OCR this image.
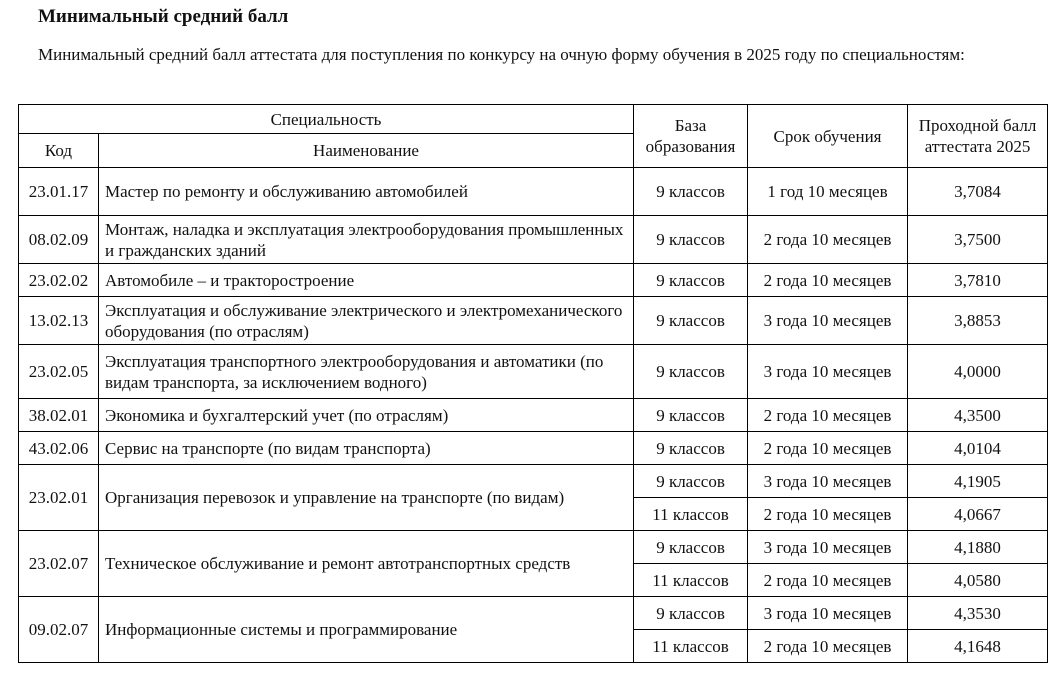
Минимальный средний балл

Минимальный средний балл аттестата для поступления по конкурсу на очную форму обучения в 2025 году по специальностям:

Специальность		База образования	Срок обучения	Проходной балл аттестата 2025
Код	Наименование			
23.01.17	Мастер по ремонту и обслуживанию автомобилей	9 классов	1 год 10 месяцев	3,7084
08.02.09	Монтаж, наладка и эксплуатация электрооборудования промышленных и гражданских зданий	9 классов	2 года 10 месяцев	3,7500
23.02.02	Автомобиле – и тракторостроение	9 классов	2 года 10 месяцев	3,7810
13.02.13	Эксплуатация и обслуживание электрического и электромеханического оборудования (по отраслям)	9 классов	3 года 10 месяцев	3,8853
23.02.05	Эксплуатация транспортного электрооборудования и автоматики (по видам транспорта, за исключением водного)	9 классов	3 года 10 месяцев	4,0000
38.02.01	Экономика и бухгалтерский учет (по отраслям)	9 классов	2 года 10 месяцев	4,3500
43.02.06	Сервис на транспорте (по видам транспорта)	9 классов	2 года 10 месяцев	4,0104
23.02.01	Организация перевозок и управление на транспорте (по видам)	9 классов	3 года 10 месяцев	4,1905
		11 классов	2 года 10 месяцев	4,0667
23.02.07	Техническое обслуживание и ремонт автотранспортных средств	9 классов	3 года 10 месяцев	4,1880
		11 классов	2 года 10 месяцев	4,0580
09.02.07	Информационные системы и программирование	9 классов	3 года 10 месяцев	4,3530
		11 классов	2 года 10 месяцев	4,1648
